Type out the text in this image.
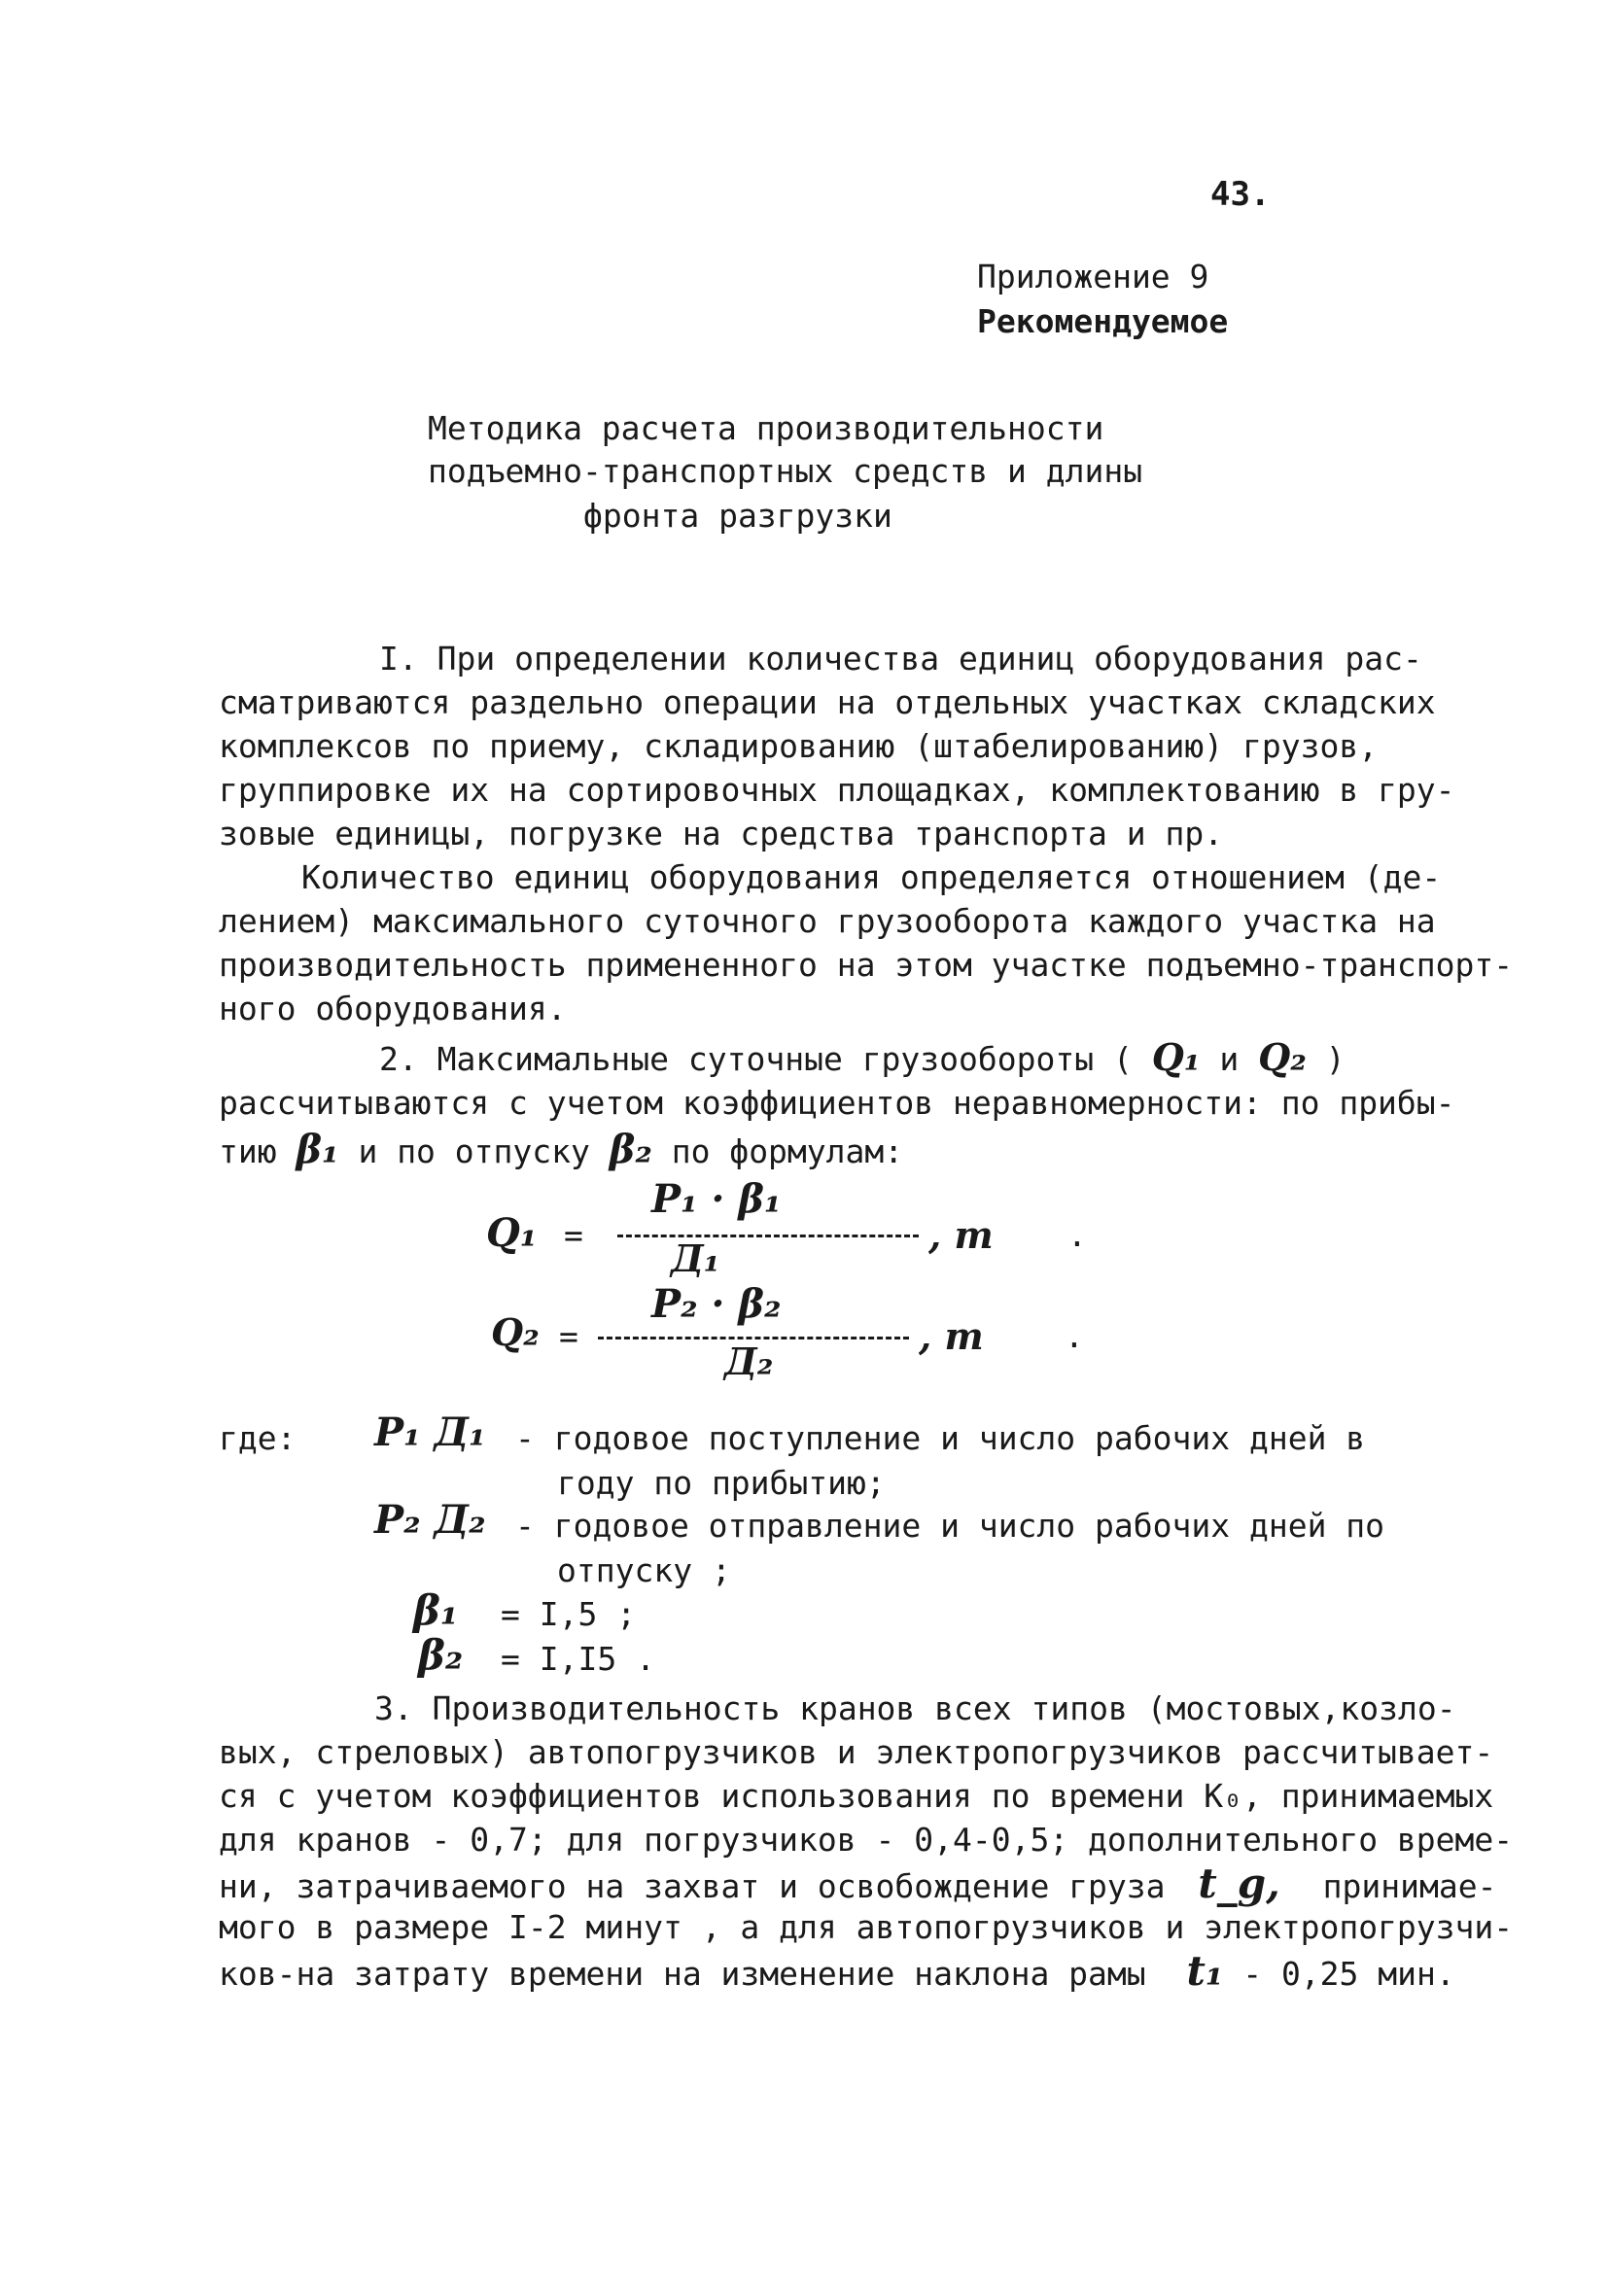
43.
Приложение 9
Рекомендуемое
Методика расчета производительности
подъемно-транспортных средств и длины
фронта разгрузки
I. При определении количества единиц оборудования рас-
сматриваются раздельно операции на отдельных участках складских
комплексов по приему, складированию (штабелированию) грузов,
группировке их на сортировочных площадках, комплектованию в гру-
зовые единицы, погрузке на средства транспорта и пр.
Количество единиц оборудования определяется отношением (де-
лением) максимального суточного грузооборота каждого участка на
производительность примененного на этом участке подъемно-транспорт-
ного оборудования.
2. Максимальные суточные грузообороты ( Q₁ и Q₂ )
рассчитываются с учетом коэффициентов неравномерности: по прибы-
тию β₁ и по отпуску β₂ по формулам:
Q₁ =
P₁ · β₁
Д₁
, т .
Q₂ =
P₂ · β₂
Д₂
, т	.
где: P₁ Д₁ - годовое поступление и число рабочих дней в
году по прибытию;
P₂ Д₂ - годовое отправление и число рабочих дней по
отпуску ;
β₁ = I,5 ;
β₂ = I,I5 .
3. Производительность кранов всех типов (мостовых,козло-
вых, стреловых) автопогрузчиков и электропогрузчиков рассчитывает-
ся с учетом коэффициентов использования по времени К₀, принимаемых
для кранов - 0,7; для погрузчиков - 0,4-0,5; дополнительного време-
ни, затрачиваемого на захват и освобождение груза t_g, принимае-
мого в размере I-2 минут , а для автопогрузчиков и электропогрузчи-
ков-на затрату времени на изменение наклона рамы t₁ - 0,25 мин.
